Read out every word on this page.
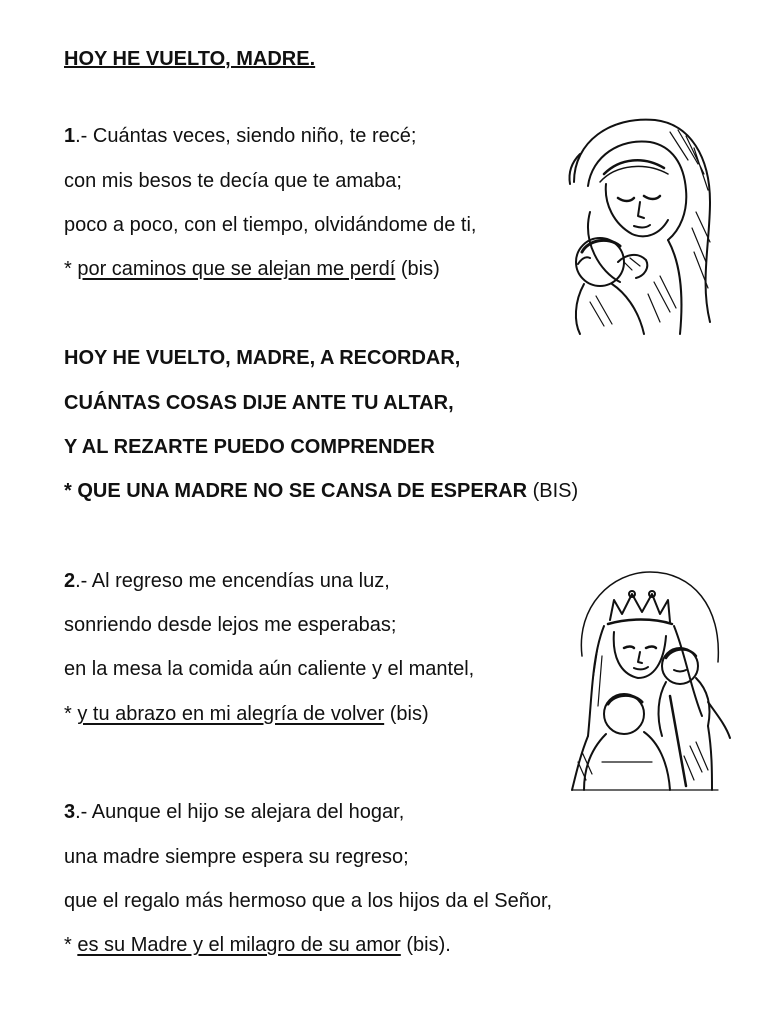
HOY HE VUELTO, MADRE.
1.- Cuántas veces, siendo niño, te recé;
con mis besos te decía que te amaba;
poco a poco, con el tiempo, olvidándome de ti,
* por caminos que se alejan me perdí (bis)
HOY HE VUELTO, MADRE, A RECORDAR,
CUÁNTAS COSAS DIJE ANTE TU ALTAR,
Y AL REZARTE PUEDO COMPRENDER
* QUE UNA MADRE NO SE CANSA DE ESPERAR (BIS)
2.- Al regreso me encendías una luz,
sonriendo desde lejos me esperabas;
en la mesa la comida aún caliente y el mantel,
* y tu abrazo en mi alegría de volver (bis)
3.- Aunque el hijo se alejara del hogar,
una madre siempre espera su regreso;
que el regalo más hermoso que a los hijos da el Señor,
* es su Madre y el milagro de su amor (bis).
